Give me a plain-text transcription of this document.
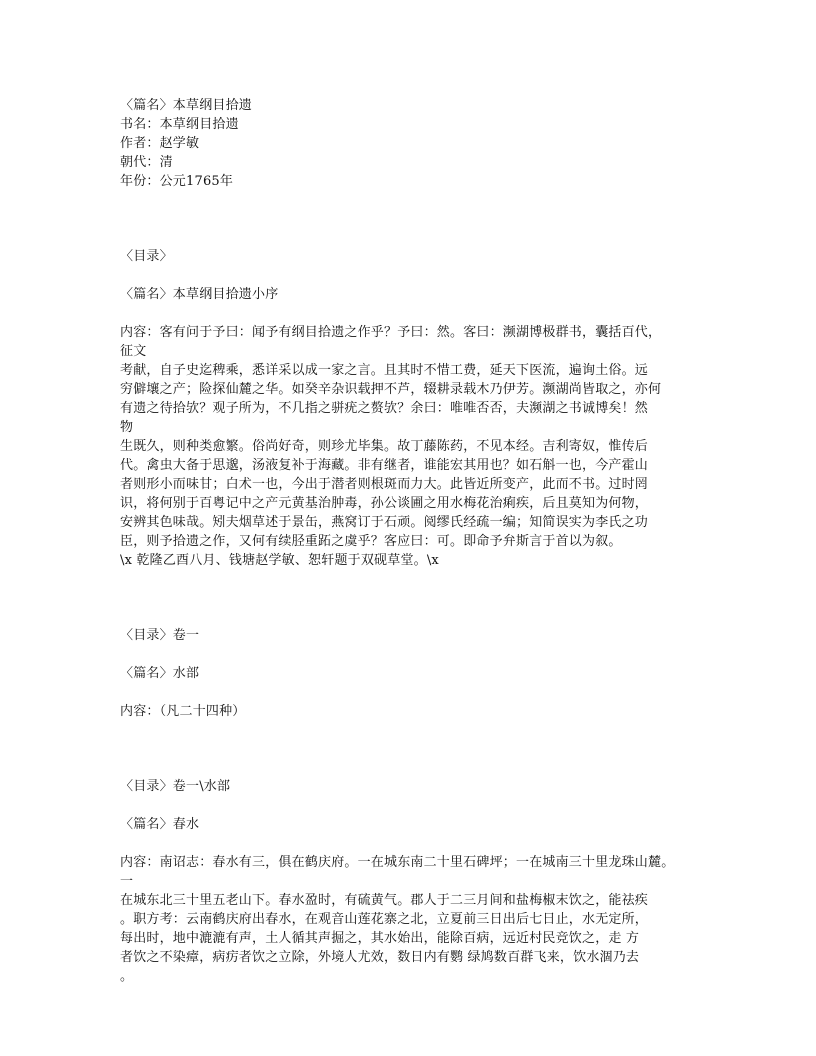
〈篇名〉本草纲目拾遗
书名：本草纲目拾遗
作者：赵学敏
朝代：清
年份：公元1765年
〈目录〉
〈篇名〉本草纲目拾遗小序
内容：客有问于予曰：闻予有纲目拾遗之作乎？予曰：然。客曰：濒湖博极群书，囊括百代，
征文
考献，自子史迄稗乘，悉详采以成一家之言。且其时不惜工费，延天下医流，遍询土俗。远
穷僻壤之产；险探仙麓之华。如癸辛杂识载押不芦，辍耕录载木乃伊芳。濒湖尚皆取之，亦何
有遗之待拾欤？观子所为，不几指之骈疣之赘欤？余曰：唯唯否否，夫濒湖之书诚博矣！然
物
生既久，则种类愈繁。俗尚好奇，则珍尤毕集。故丁藤陈药，不见本经。吉利寄奴，惟传后
代。禽虫大备于思邈，汤液复补于海藏。非有继者，谁能宏其用也？如石斛一也，今产霍山
者则形小而味甘；白术一也，今出于潜者则根斑而力大。此皆近所变产，此而不书。过时罔
识，将何别于百粤记中之产元黄基治肿毒，孙公谈圃之用水梅花治痢疾，后且莫知为何物，
安辨其色味哉。矧夫烟草述于景缶，燕窝订于石顽。阅缪氏经疏一编；知简误实为李氏之功
臣，则予拾遗之作，又何有续胫重跖之虞乎？客应曰：可。即命予弁斯言于首以为叙。
\x 乾隆乙酉八月、钱塘赵学敏、恕轩题于双砚草堂。\x
〈目录〉卷一
〈篇名〉水部
内容：（凡二十四种）
〈目录〉卷一\水部
〈篇名〉春水
内容：南诏志：春水有三，俱在鹤庆府。一在城东南二十里石碑坪；一在城南三十里龙珠山麓。
一
在城东北三十里五老山下。春水盈时，有硫黄气。郡人于二三月间和盐梅椒末饮之，能祛疾
。职方考：云南鹤庆府出春水，在观音山莲花寨之北，立夏前三日出后七日止，水无定所，
每出时，地中漉漉有声，土人循其声掘之，其水始出，能除百病，远近村民竞饮之，走 方
者饮之不染瘴，病疠者饮之立除，外境人尤效，数日内有鹦 绿鸠数百群飞来，饮水涸乃去
。
